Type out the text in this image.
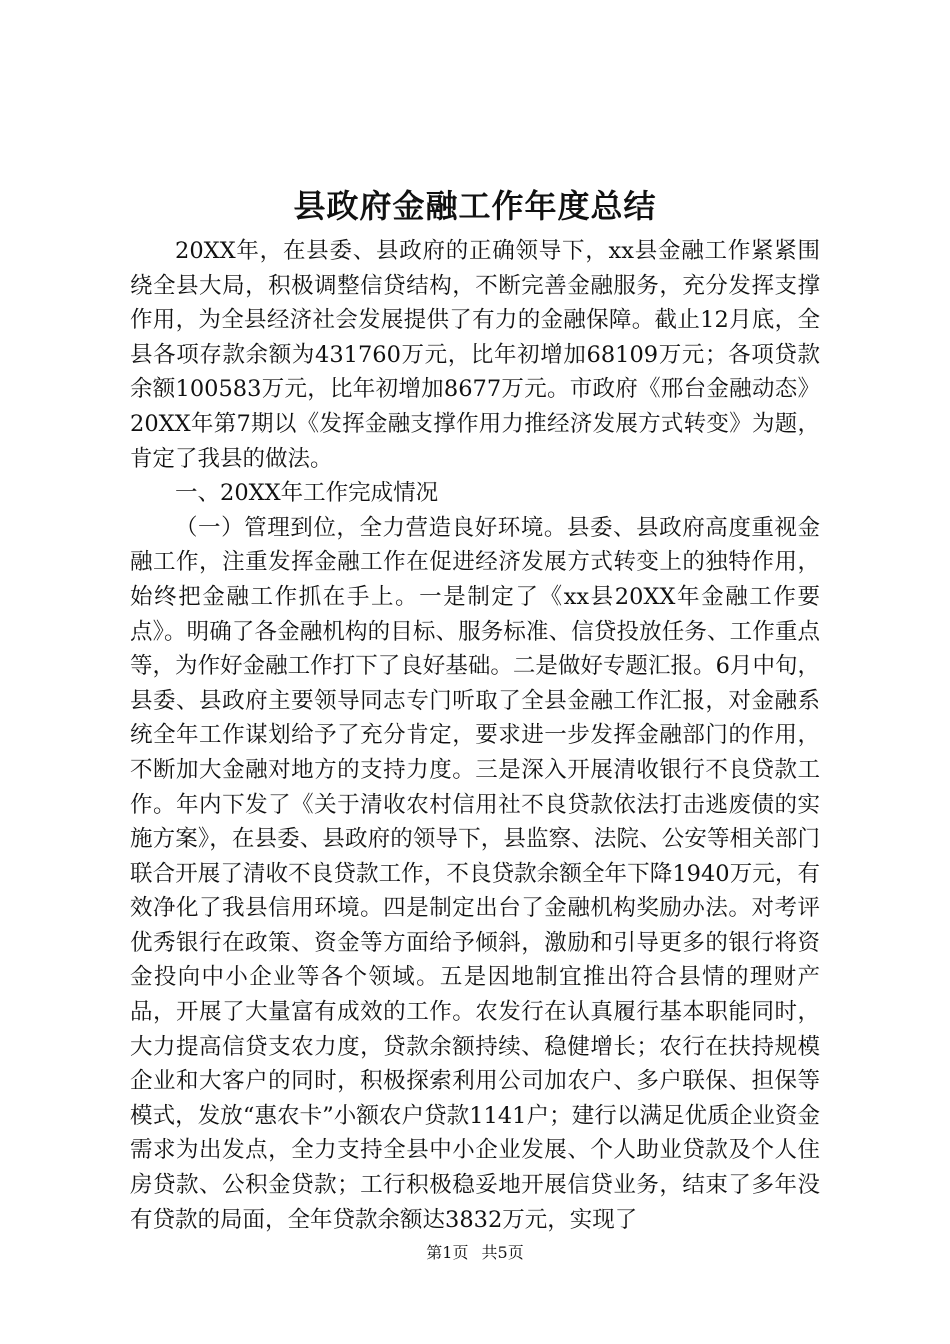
县政府金融工作年度总结

20XX年，在县委、县政府的正确领导下，xx县金融工作紧紧围绕全县大局，积极调整信贷结构，不断完善金融服务，充分发挥支撑作用，为全县经济社会发展提供了有力的金融保障。截止12月底，全县各项存款余额为431760万元，比年初增加68109万元；各项贷款余额100583万元，比年初增加8677万元。市政府《邢台金融动态》20XX年第7期以《发挥金融支撑作用力推经济发展方式转变》为题，肯定了我县的做法。

一、20XX年工作完成情况

（一）管理到位，全力营造良好环境。县委、县政府高度重视金融工作，注重发挥金融工作在促进经济发展方式转变上的独特作用，始终把金融工作抓在手上。一是制定了《xx县20XX年金融工作要点》。明确了各金融机构的目标、服务标准、信贷投放任务、工作重点等，为作好金融工作打下了良好基础。二是做好专题汇报。6月中旬，县委、县政府主要领导同志专门听取了全县金融工作汇报，对金融系统全年工作谋划给予了充分肯定，要求进一步发挥金融部门的作用，不断加大金融对地方的支持力度。三是深入开展清收银行不良贷款工作。年内下发了《关于清收农村信用社不良贷款依法打击逃废债的实施方案》，在县委、县政府的领导下，县监察、法院、公安等相关部门联合开展了清收不良贷款工作，不良贷款余额全年下降1940万元，有效净化了我县信用环境。四是制定出台了金融机构奖励办法。对考评优秀银行在政策、资金等方面给予倾斜，激励和引导更多的银行将资金投向中小企业等各个领域。五是因地制宜推出符合县情的理财产品，开展了大量富有成效的工作。农发行在认真履行基本职能同时，大力提高信贷支农力度，贷款余额持续、稳健增长；农行在扶持规模企业和大客户的同时，积极探索利用公司加农户、多户联保、担保等模式，发放“惠农卡”小额农户贷款1141户；建行以满足优质企业资金需求为出发点，全力支持全县中小企业发展、个人助业贷款及个人住房贷款、公积金贷款；工行积极稳妥地开展信贷业务，结束了多年没有贷款的局面，全年贷款余额达3832万元，实现了

第1页 共5页
